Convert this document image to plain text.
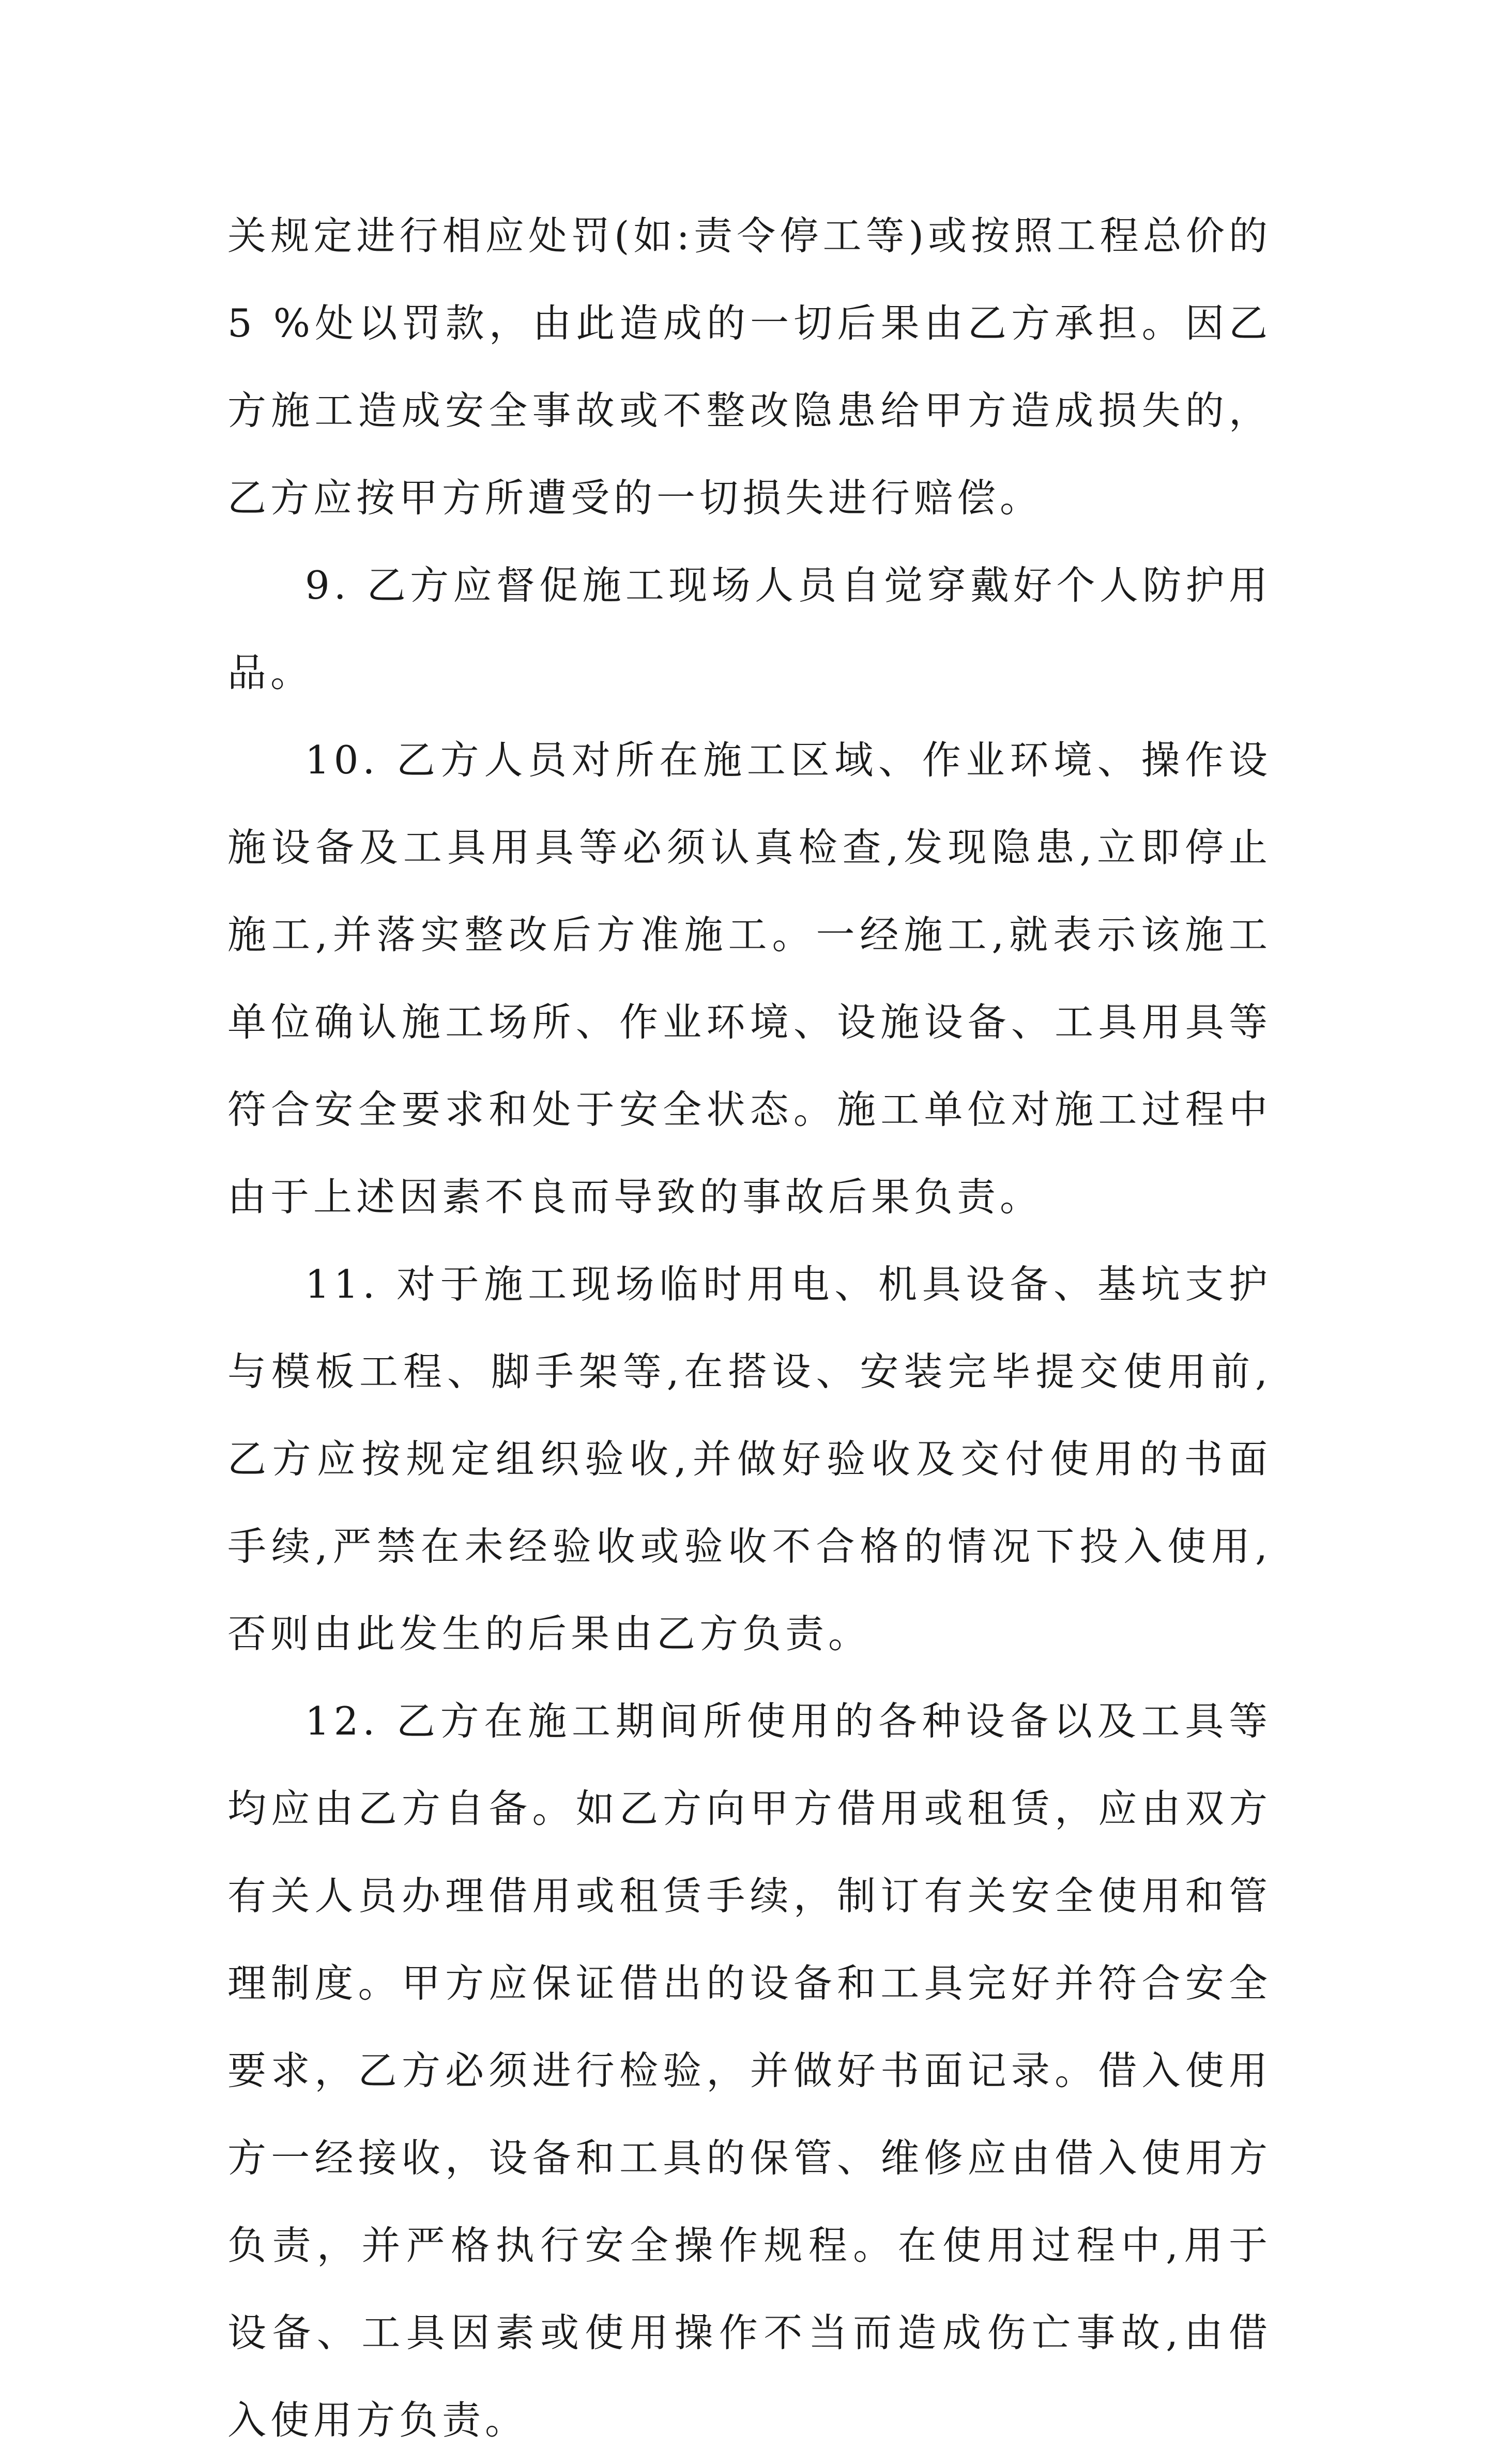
关规定进行相应处罚(如:责令停工等)或按照工程总价的 5 %处以罚款，由此造成的一切后果由乙方承担。因乙方施工造成安全事故或不整改隐患给甲方造成损失的，乙方应按甲方所遭受的一切损失进行赔偿。

9. 乙方应督促施工现场人员自觉穿戴好个人防护用品。

10. 乙方人员对所在施工区域、作业环境、操作设施设备及工具用具等必须认真检查,发现隐患,立即停止施工,并落实整改后方准施工。一经施工,就表示该施工单位确认施工场所、作业环境、设施设备、工具用具等符合安全要求和处于安全状态。施工单位对施工过程中由于上述因素不良而导致的事故后果负责。

11. 对于施工现场临时用电、机具设备、基坑支护与模板工程、脚手架等,在搭设、安装完毕提交使用前,乙方应按规定组织验收,并做好验收及交付使用的书面手续,严禁在未经验收或验收不合格的情况下投入使用,否则由此发生的后果由乙方负责。

12. 乙方在施工期间所使用的各种设备以及工具等均应由乙方自备。如乙方向甲方借用或租赁，应由双方有关人员办理借用或租赁手续，制订有关安全使用和管理制度。甲方应保证借出的设备和工具完好并符合安全要求，乙方必须进行检验，并做好书面记录。借入使用方一经接收，设备和工具的保管、维修应由借入使用方负责，并严格执行安全操作规程。在使用过程中,用于设备、工具因素或使用操作不当而造成伤亡事故,由借入使用方负责。
